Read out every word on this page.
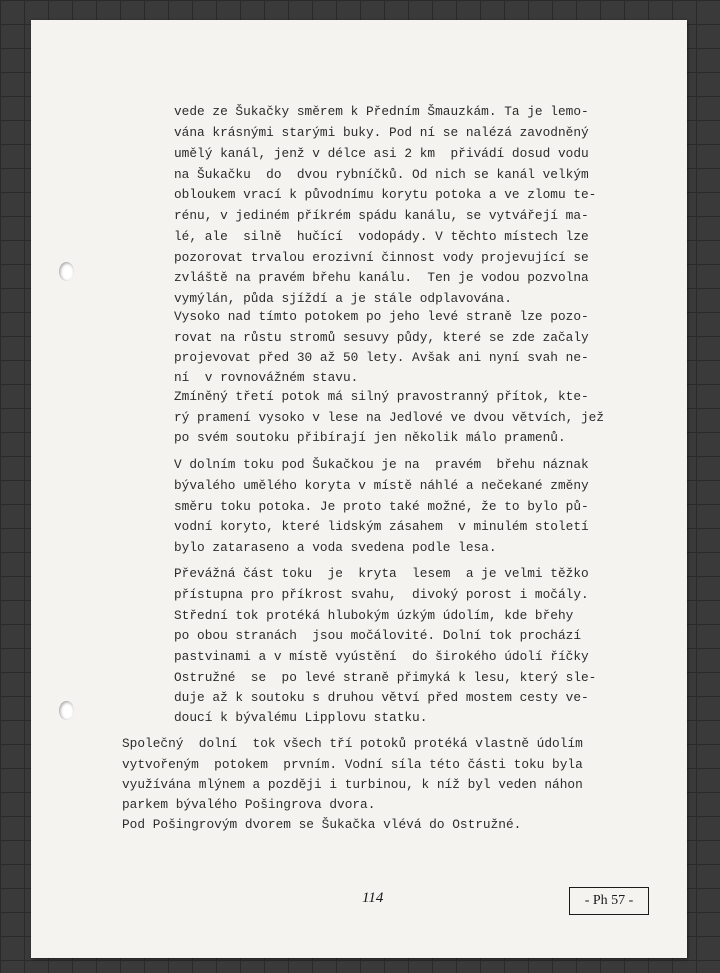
vede ze Šukačky směrem k Předním Šmauzkám. Ta je lemo-

vána krásnými starými buky. Pod ní se nalézá zavodněný

umělý kanál, jenž v délce asi 2 km  přivádí dosud vodu

na Šukačku  do  dvou rybníčků. Od nich se kanál velkým

obloukem vrací k původnímu korytu potoka a ve zlomu te-

rénu, v jediném příkrém spádu kanálu, se vytvářejí ma-

lé, ale  silně  hučící  vodopády. V těchto místech lze

pozorovat trvalou erozivní činnost vody projevující se

zvláště na pravém břehu kanálu.  Ten je vodou pozvolna

vymýlán, půda sjíždí a je stále odplavována.

Vysoko nad tímto potokem po jeho levé straně lze pozo-

rovat na růstu stromů sesuvy půdy, které se zde začaly

projevovat před 30 až 50 lety. Avšak ani nyní svah ne-

ní  v rovnovážném stavu.

Zmíněný třetí potok má silný pravostranný přítok, kte-

rý pramení vysoko v lese na Jedlové ve dvou větvích, jež

po svém soutoku přibírají jen několik málo pramenů.

V dolním toku pod Šukačkou je na  pravém  břehu náznak

bývalého umělého koryta v místě náhlé a nečekané změny

směru toku potoka. Je proto také možné, že to bylo pů-

vodní koryto, které lidským zásahem  v minulém století

bylo zataraseno a voda svedena podle lesa.

Převážná část toku  je  kryta  lesem  a je velmi těžko

přístupna pro příkrost svahu,  divoký porost i močály.

Střední tok protéká hlubokým úzkým údolím, kde břehy

po obou stranách  jsou močálovité. Dolní tok prochází

pastvinami a v místě vyústění  do širokého údolí říčky

Ostružné  se  po levé straně přimyká k lesu, který sle-

duje až k soutoku s druhou větví před mostem cesty ve-

doucí k bývalému Lipplovu statku.

Společný  dolní  tok všech tří potoků protéká vlastně údolím

vytvořeným  potokem  prvním. Vodní síla této části toku byla

využívána mlýnem a později i turbinou, k níž byl veden náhon

parkem bývalého Pošingrova dvora.

Pod Pošingrovým dvorem se Šukačka vlévá do Ostružné.

114	- Ph 57 -
